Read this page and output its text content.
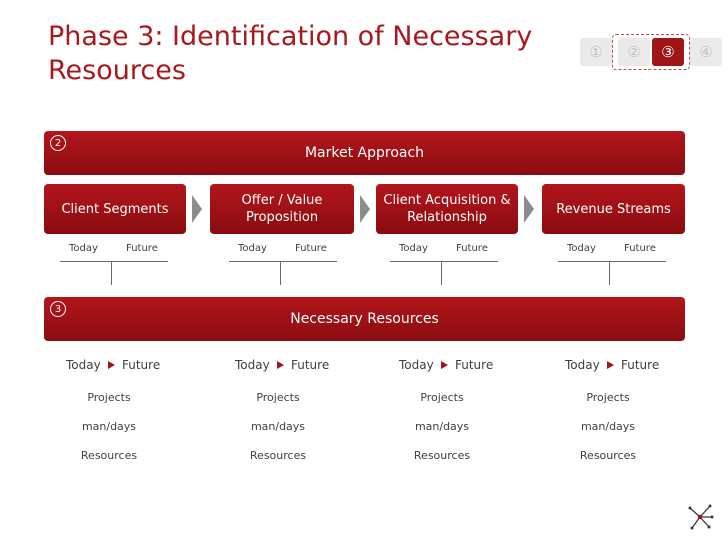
Phase 3: Identification of Necessary Resources
①	②	③	④
Market Approach
2
Client Segments
Offer / Value Proposition
Client Acquisition & Relationship
Revenue Streams
Today	Future	Today	Future	Today	Future	Today	Future
Necessary Resources
3
Today Future
Projects
man/days
Resources
Today Future
Projects
man/days
Resources
Today Future
Projects
man/days
Resources
Today Future
Projects
man/days
Resources
